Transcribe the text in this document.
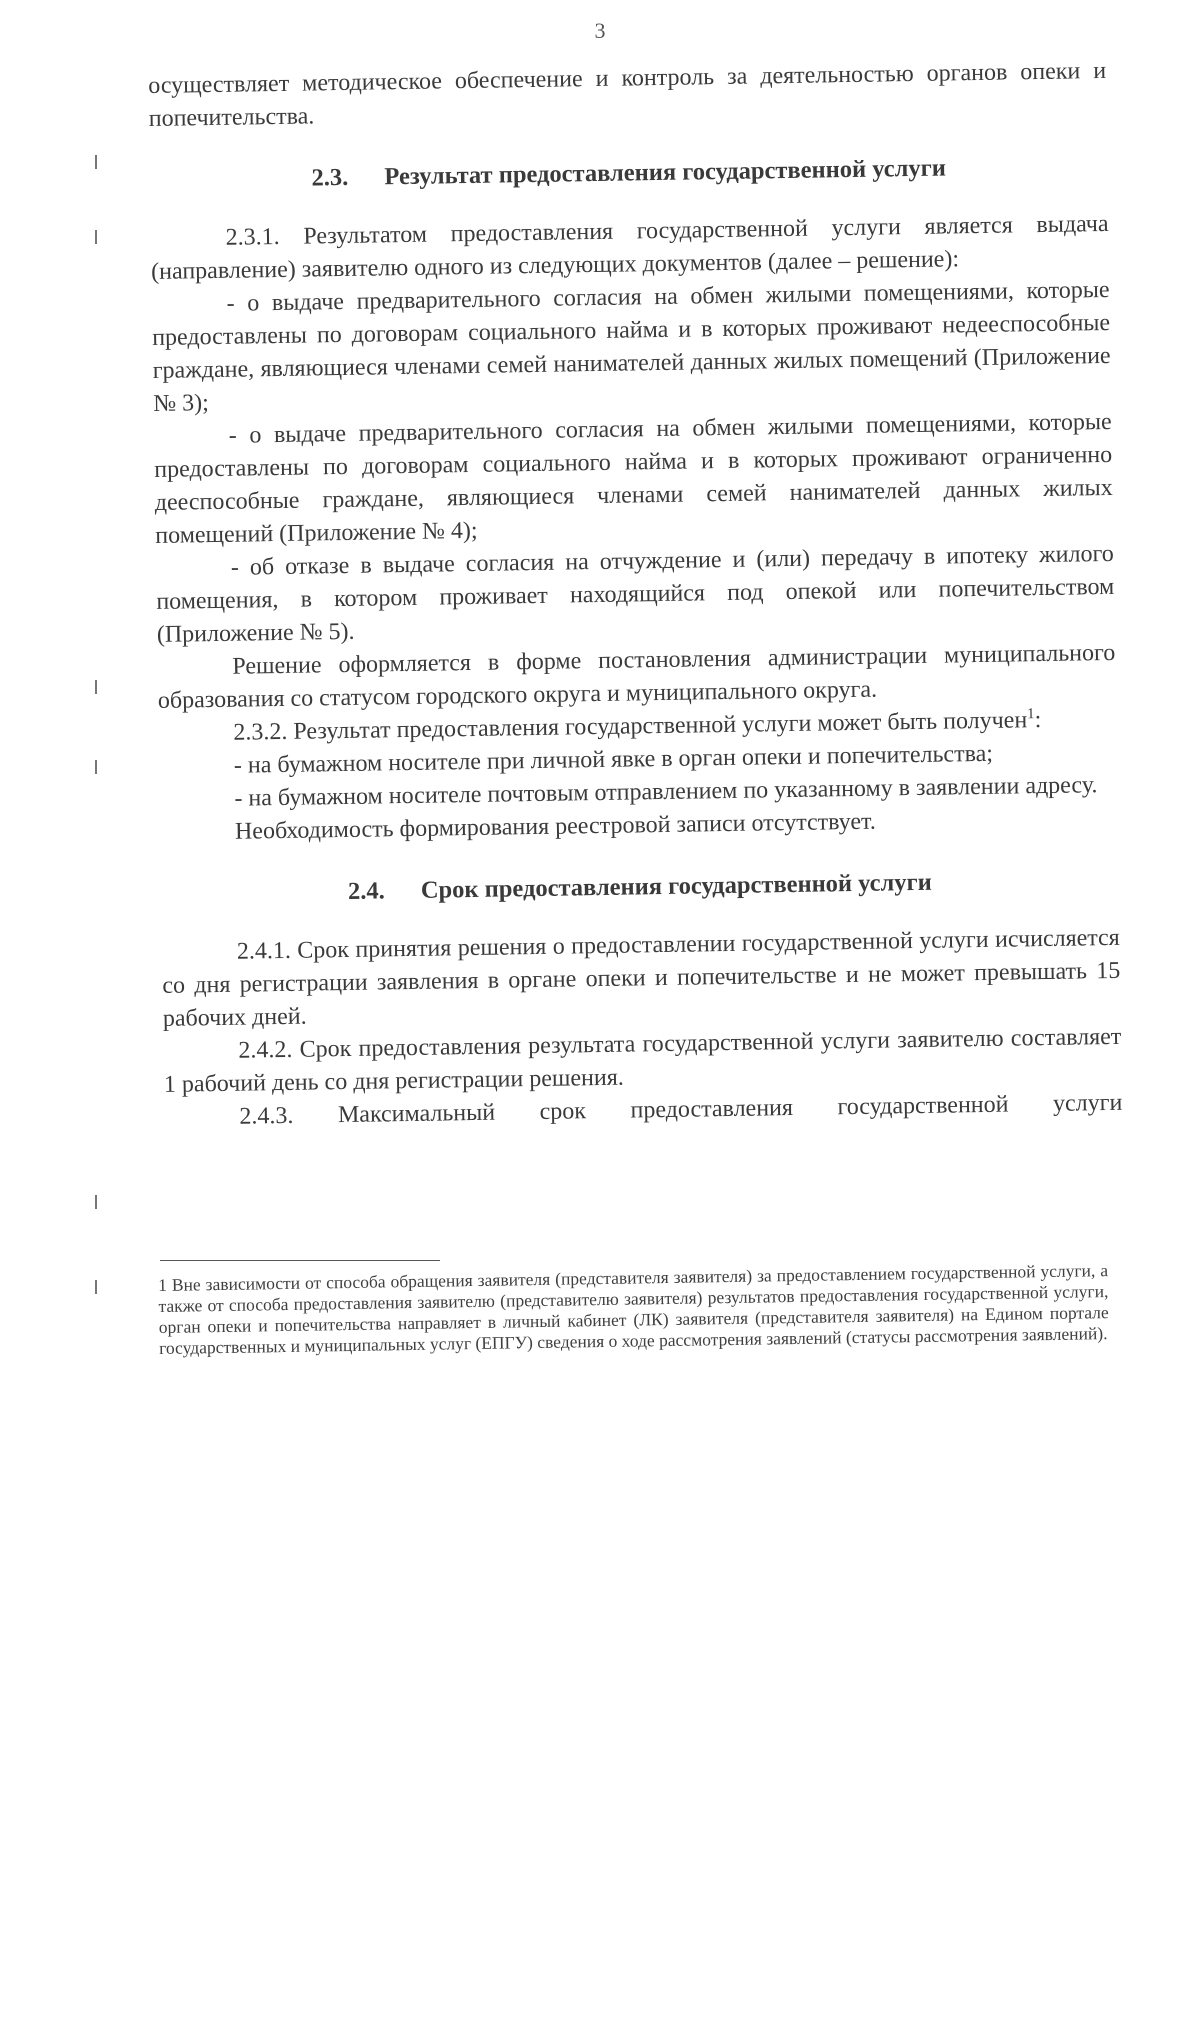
3

осуществляет методическое обеспечение и контроль за деятельностью органов опеки и попечительства.

2.3. Результат предоставления государственной услуги

2.3.1. Результатом предоставления государственной услуги является выдача (направление) заявителю одного из следующих документов (далее – решение):

- о выдаче предварительного согласия на обмен жилыми помещениями, которые предоставлены по договорам социального найма и в которых проживают недееспособные граждане, являющиеся членами семей нанимателей данных жилых помещений (Приложение № 3);

- о выдаче предварительного согласия на обмен жилыми помещениями, которые предоставлены по договорам социального найма и в которых проживают ограниченно дееспособные граждане, являющиеся членами семей нанимателей данных жилых помещений (Приложение № 4);

- об отказе в выдаче согласия на отчуждение и (или) передачу в ипотеку жилого помещения, в котором проживает находящийся под опекой или попечительством (Приложение № 5).

Решение оформляется в форме постановления администрации муниципального образования со статусом городского округа и муниципального округа.

2.3.2. Результат предоставления государственной услуги может быть получен$^1$:

- на бумажном носителе при личной явке в орган опеки и попечительства;

- на бумажном носителе почтовым отправлением по указанному в заявлении адресу.

Необходимость формирования реестровой записи отсутствует.

2.4. Срок предоставления государственной услуги

2.4.1. Срок принятия решения о предоставлении государственной услуги исчисляется со дня регистрации заявления в органе опеки и попечительстве и не может превышать 15 рабочих дней.

2.4.2. Срок предоставления результата государственной услуги заявителю составляет 1 рабочий день со дня регистрации решения.

2.4.3. Максимальный срок предоставления государственной услуги

1 Вне зависимости от способа обращения заявителя (представителя заявителя) за предоставлением государственной услуги, а также от способа предоставления заявителю (представителю заявителя) результатов предоставления государственной услуги, орган опеки и попечительства направляет в личный кабинет (ЛК) заявителя (представителя заявителя) на Едином портале государственных и муниципальных услуг (ЕПГУ) сведения о ходе рассмотрения заявлений (статусы рассмотрения заявлений).
